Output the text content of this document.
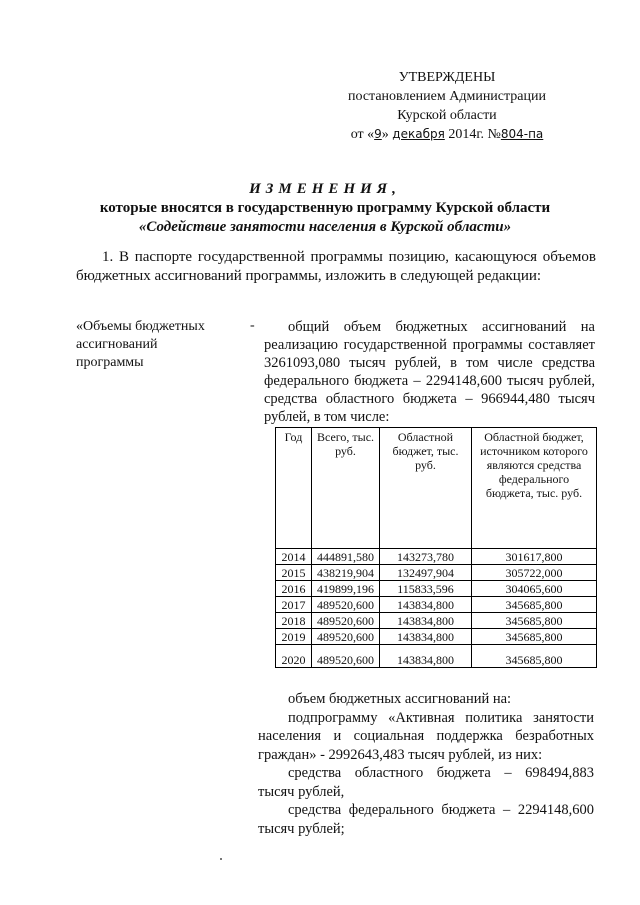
УТВЕРЖДЕНЫ
постановлением Администрации
Курской области
от «9» декабря 2014г. №804-па
ИЗМЕНЕНИЯ,
которые вносятся в государственную программу Курской области
«Содействие занятости населения в Курской области»
1. В паспорте государственной программы позицию, касающуюся объемов бюджетных ассигнований программы, изложить в следующей редакции:
«Объемы бюджетных ассигнований программы
-	общий объем бюджетных ассигнований на реализацию государственной программы составляет 3261093,080 тысяч рублей, в том числе средства федерального бюджета – 2294148,600 тысяч рублей, средства областного бюджета – 966944,480 тысяч рублей, в том числе:
Год	Всего, тыс. руб.	Областной бюджет, тыс. руб.	Областной бюджет, источником которого являются средства федерального бюджета, тыс. руб.
2014	444891,580	143273,780	301617,800
2015	438219,904	132497,904	305722,000
2016	419899,196	115833,596	304065,600
2017	489520,600	143834,800	345685,800
2018	489520,600	143834,800	345685,800
2019	489520,600	143834,800	345685,800
2020	489520,600	143834,800	345685,800
объем бюджетных ассигнований на:
подпрограмму «Активная политика занятости населения и социальная поддержка безработных граждан» - 2992643,483 тысяч рублей, из них:
средства областного бюджета – 698494,883 тысяч рублей,
средства федерального бюджета – 2294148,600 тысяч рублей;
